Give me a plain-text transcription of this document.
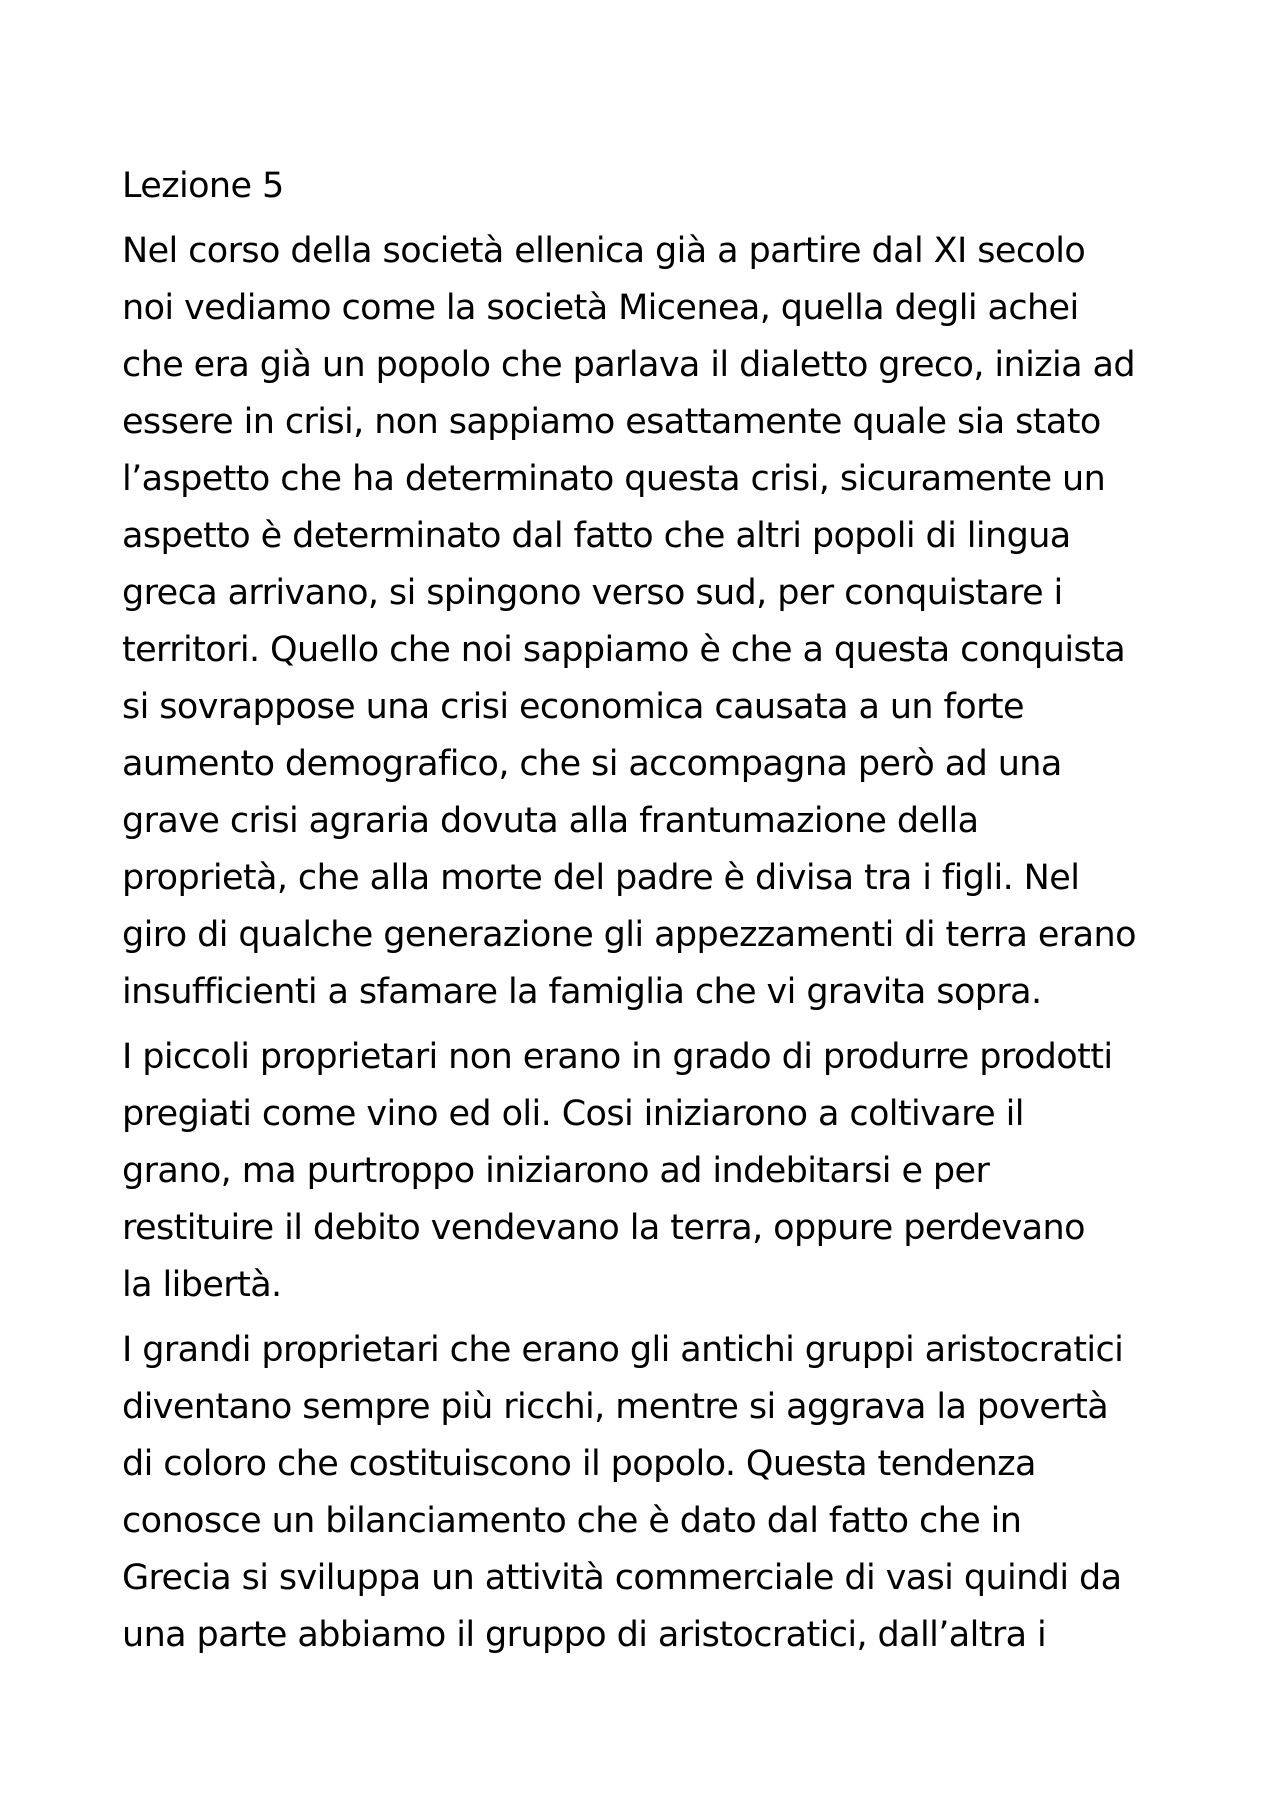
Lezione 5
Nel corso della società ellenica già a partire dal XI secolo
noi vediamo come la società Micenea, quella degli achei
che era già un popolo che parlava il dialetto greco, inizia ad
essere in crisi, non sappiamo esattamente quale sia stato
l’aspetto che ha determinato questa crisi, sicuramente un
aspetto è determinato dal fatto che altri popoli di lingua
greca arrivano, si spingono verso sud, per conquistare i
territori. Quello che noi sappiamo è che a questa conquista
si sovrappose una crisi economica causata a un forte
aumento demografico, che si accompagna però ad una
grave crisi agraria dovuta alla frantumazione della
proprietà, che alla morte del padre è divisa tra i figli. Nel
giro di qualche generazione gli appezzamenti di terra erano
insufficienti a sfamare la famiglia che vi gravita sopra.
I piccoli proprietari non erano in grado di produrre prodotti
pregiati come vino ed oli. Cosi iniziarono a coltivare il
grano, ma purtroppo iniziarono ad indebitarsi e per
restituire il debito vendevano la terra, oppure perdevano
la libertà.
I grandi proprietari che erano gli antichi gruppi aristocratici
diventano sempre più ricchi, mentre si aggrava la povertà
di coloro che costituiscono il popolo. Questa tendenza
conosce un bilanciamento che è dato dal fatto che in
Grecia si sviluppa un attività commerciale di vasi quindi da
una parte abbiamo il gruppo di aristocratici, dall’altra i
